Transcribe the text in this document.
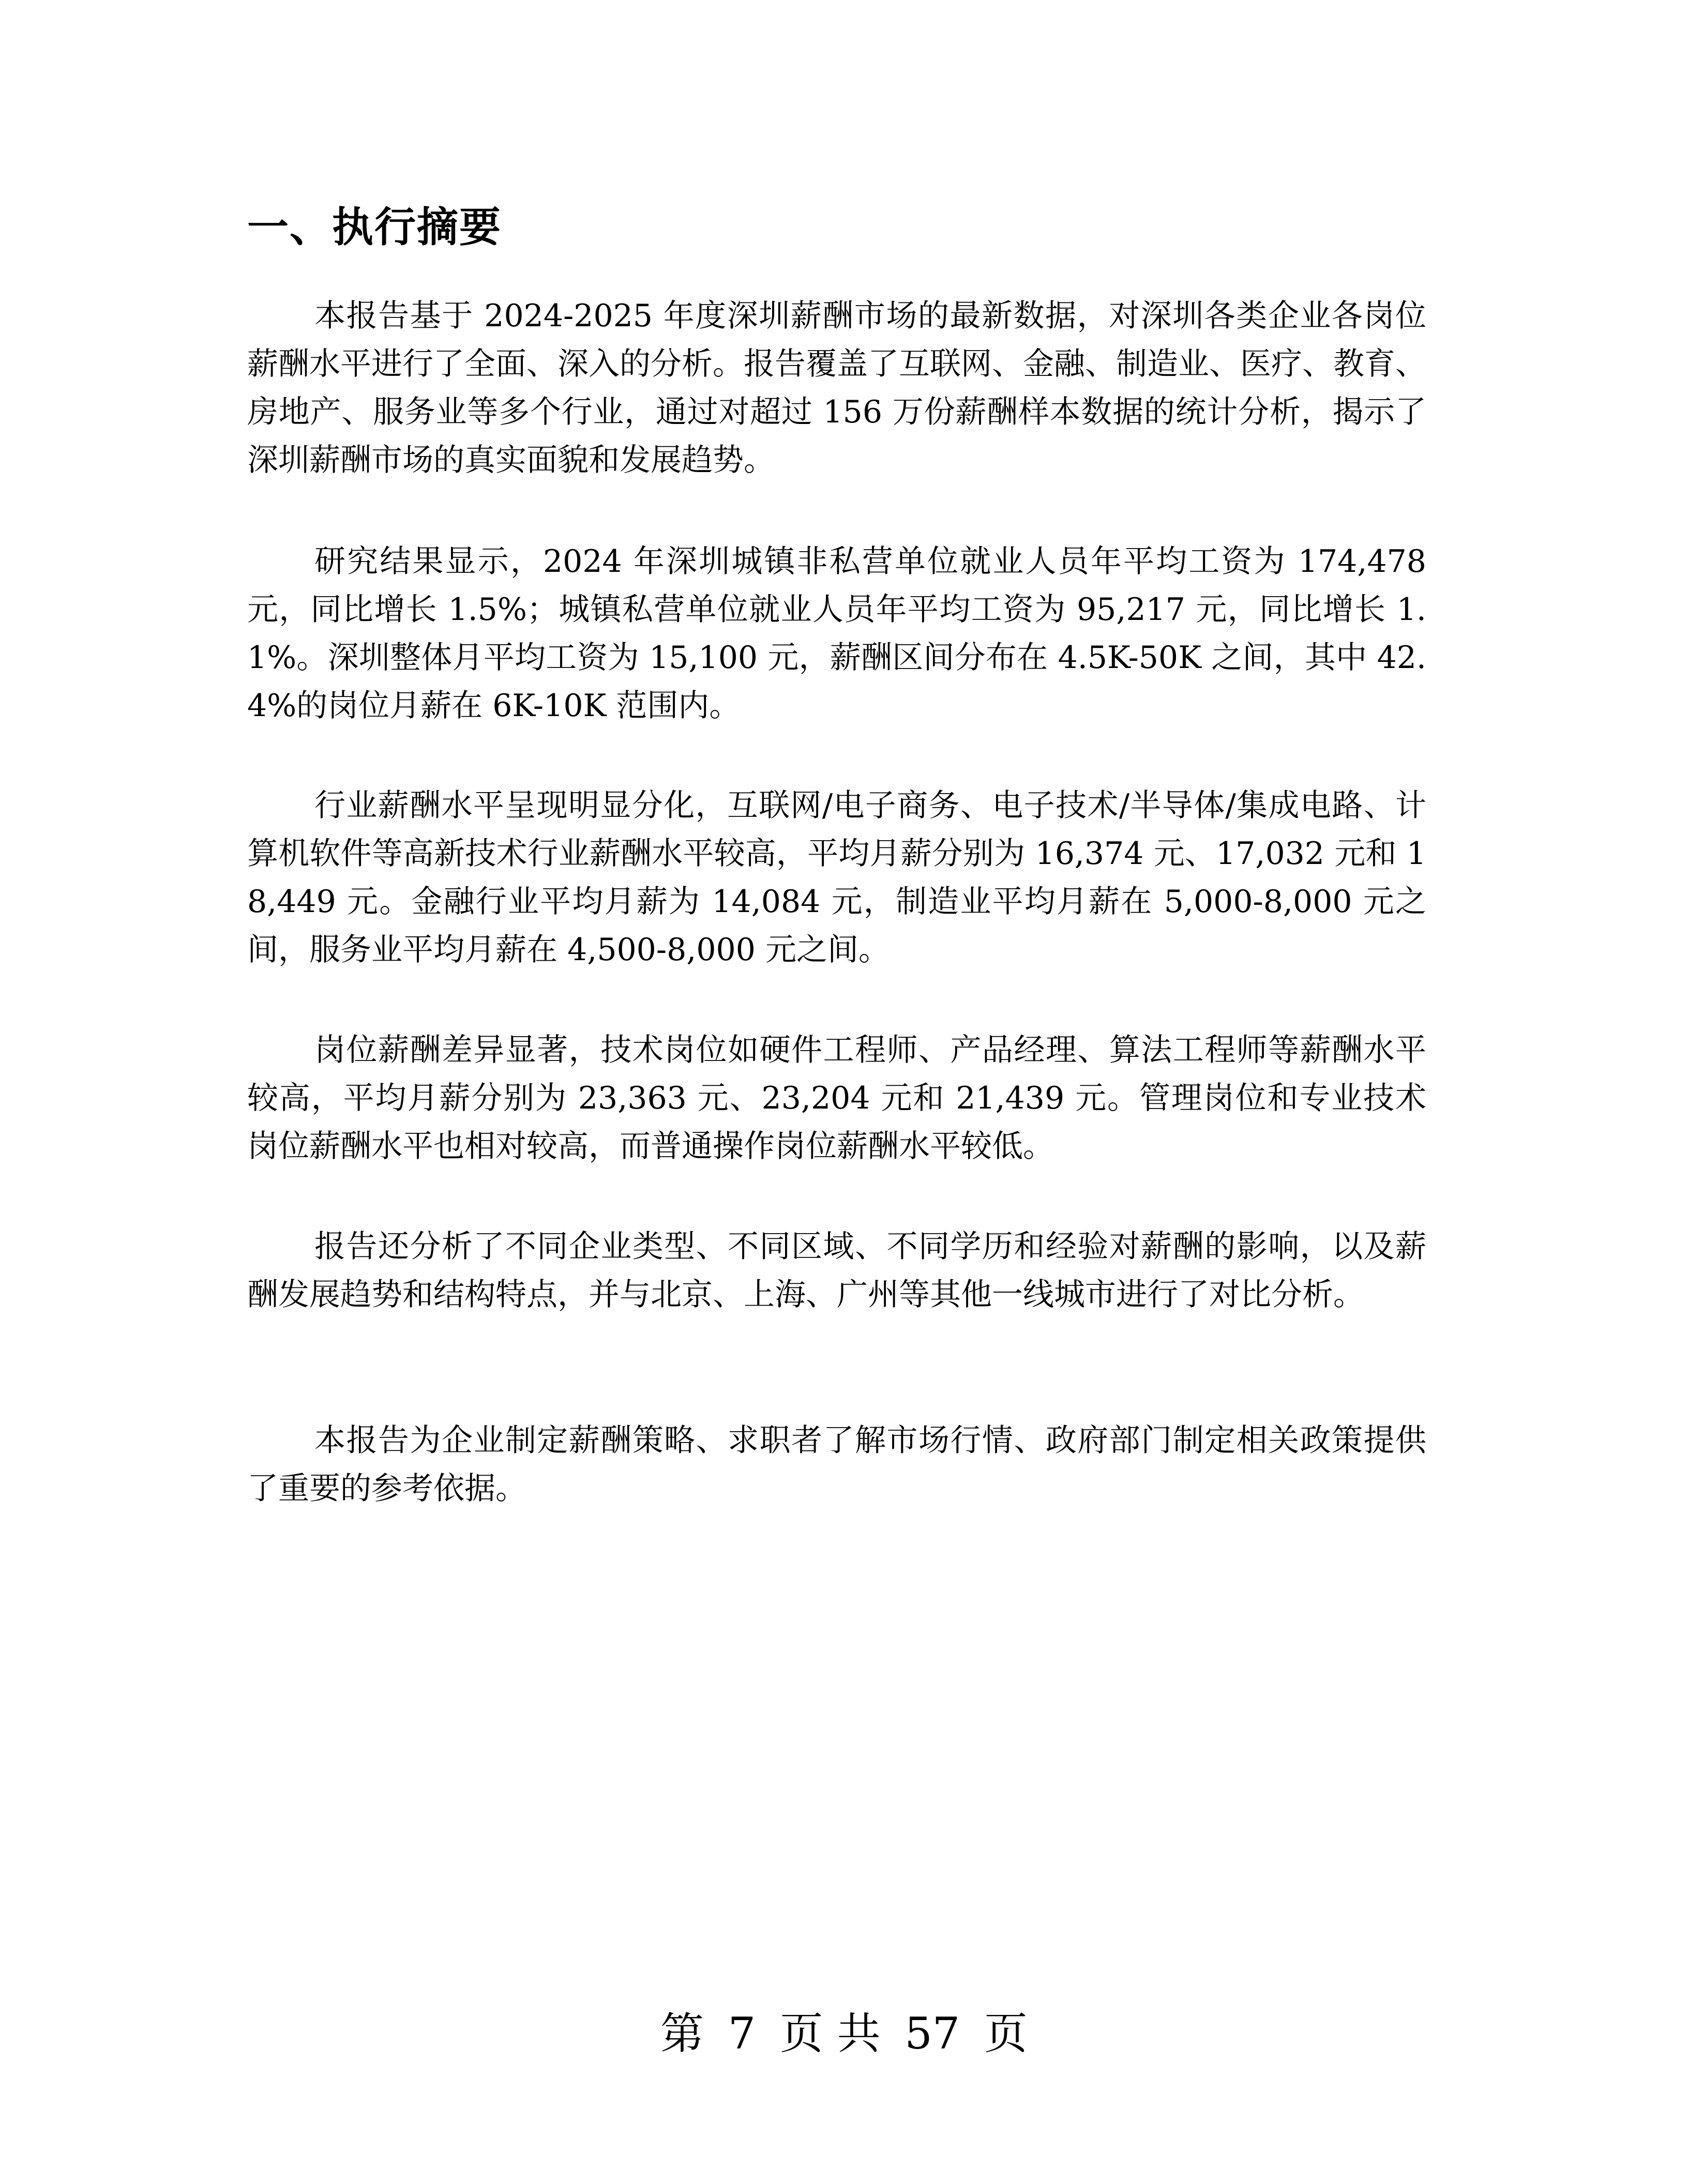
一、执行摘要

本报告基于 2024-2025 年度深圳薪酬市场的最新数据，对深圳各类企业各岗位薪酬水平进行了全面、深入的分析。报告覆盖了互联网、金融、制造业、医疗、教育、房地产、服务业等多个行业，通过对超过 156 万份薪酬样本数据的统计分析，揭示了深圳薪酬市场的真实面貌和发展趋势。

研究结果显示，2024 年深圳城镇非私营单位就业人员年平均工资为 174,478 元，同比增长 1.5%；城镇私营单位就业人员年平均工资为 95,217 元，同比增长 1.1%。深圳整体月平均工资为 15,100 元，薪酬区间分布在 4.5K-50K 之间，其中 42.4%的岗位月薪在 6K-10K 范围内。

行业薪酬水平呈现明显分化，互联网/电子商务、电子技术/半导体/集成电路、计算机软件等高新技术行业薪酬水平较高，平均月薪分别为 16,374 元、17,032 元和 18,449 元。金融行业平均月薪为 14,084 元，制造业平均月薪在 5,000-8,000 元之间，服务业平均月薪在 4,500-8,000 元之间。

岗位薪酬差异显著，技术岗位如硬件工程师、产品经理、算法工程师等薪酬水平较高，平均月薪分别为 23,363 元、23,204 元和 21,439 元。管理岗位和专业技术岗位薪酬水平也相对较高，而普通操作岗位薪酬水平较低。

报告还分析了不同企业类型、不同区域、不同学历和经验对薪酬的影响，以及薪酬发展趋势和结构特点，并与北京、上海、广州等其他一线城市进行了对比分析。

本报告为企业制定薪酬策略、求职者了解市场行情、政府部门制定相关政策提供了重要的参考依据。

第 7 页 共 57 页
